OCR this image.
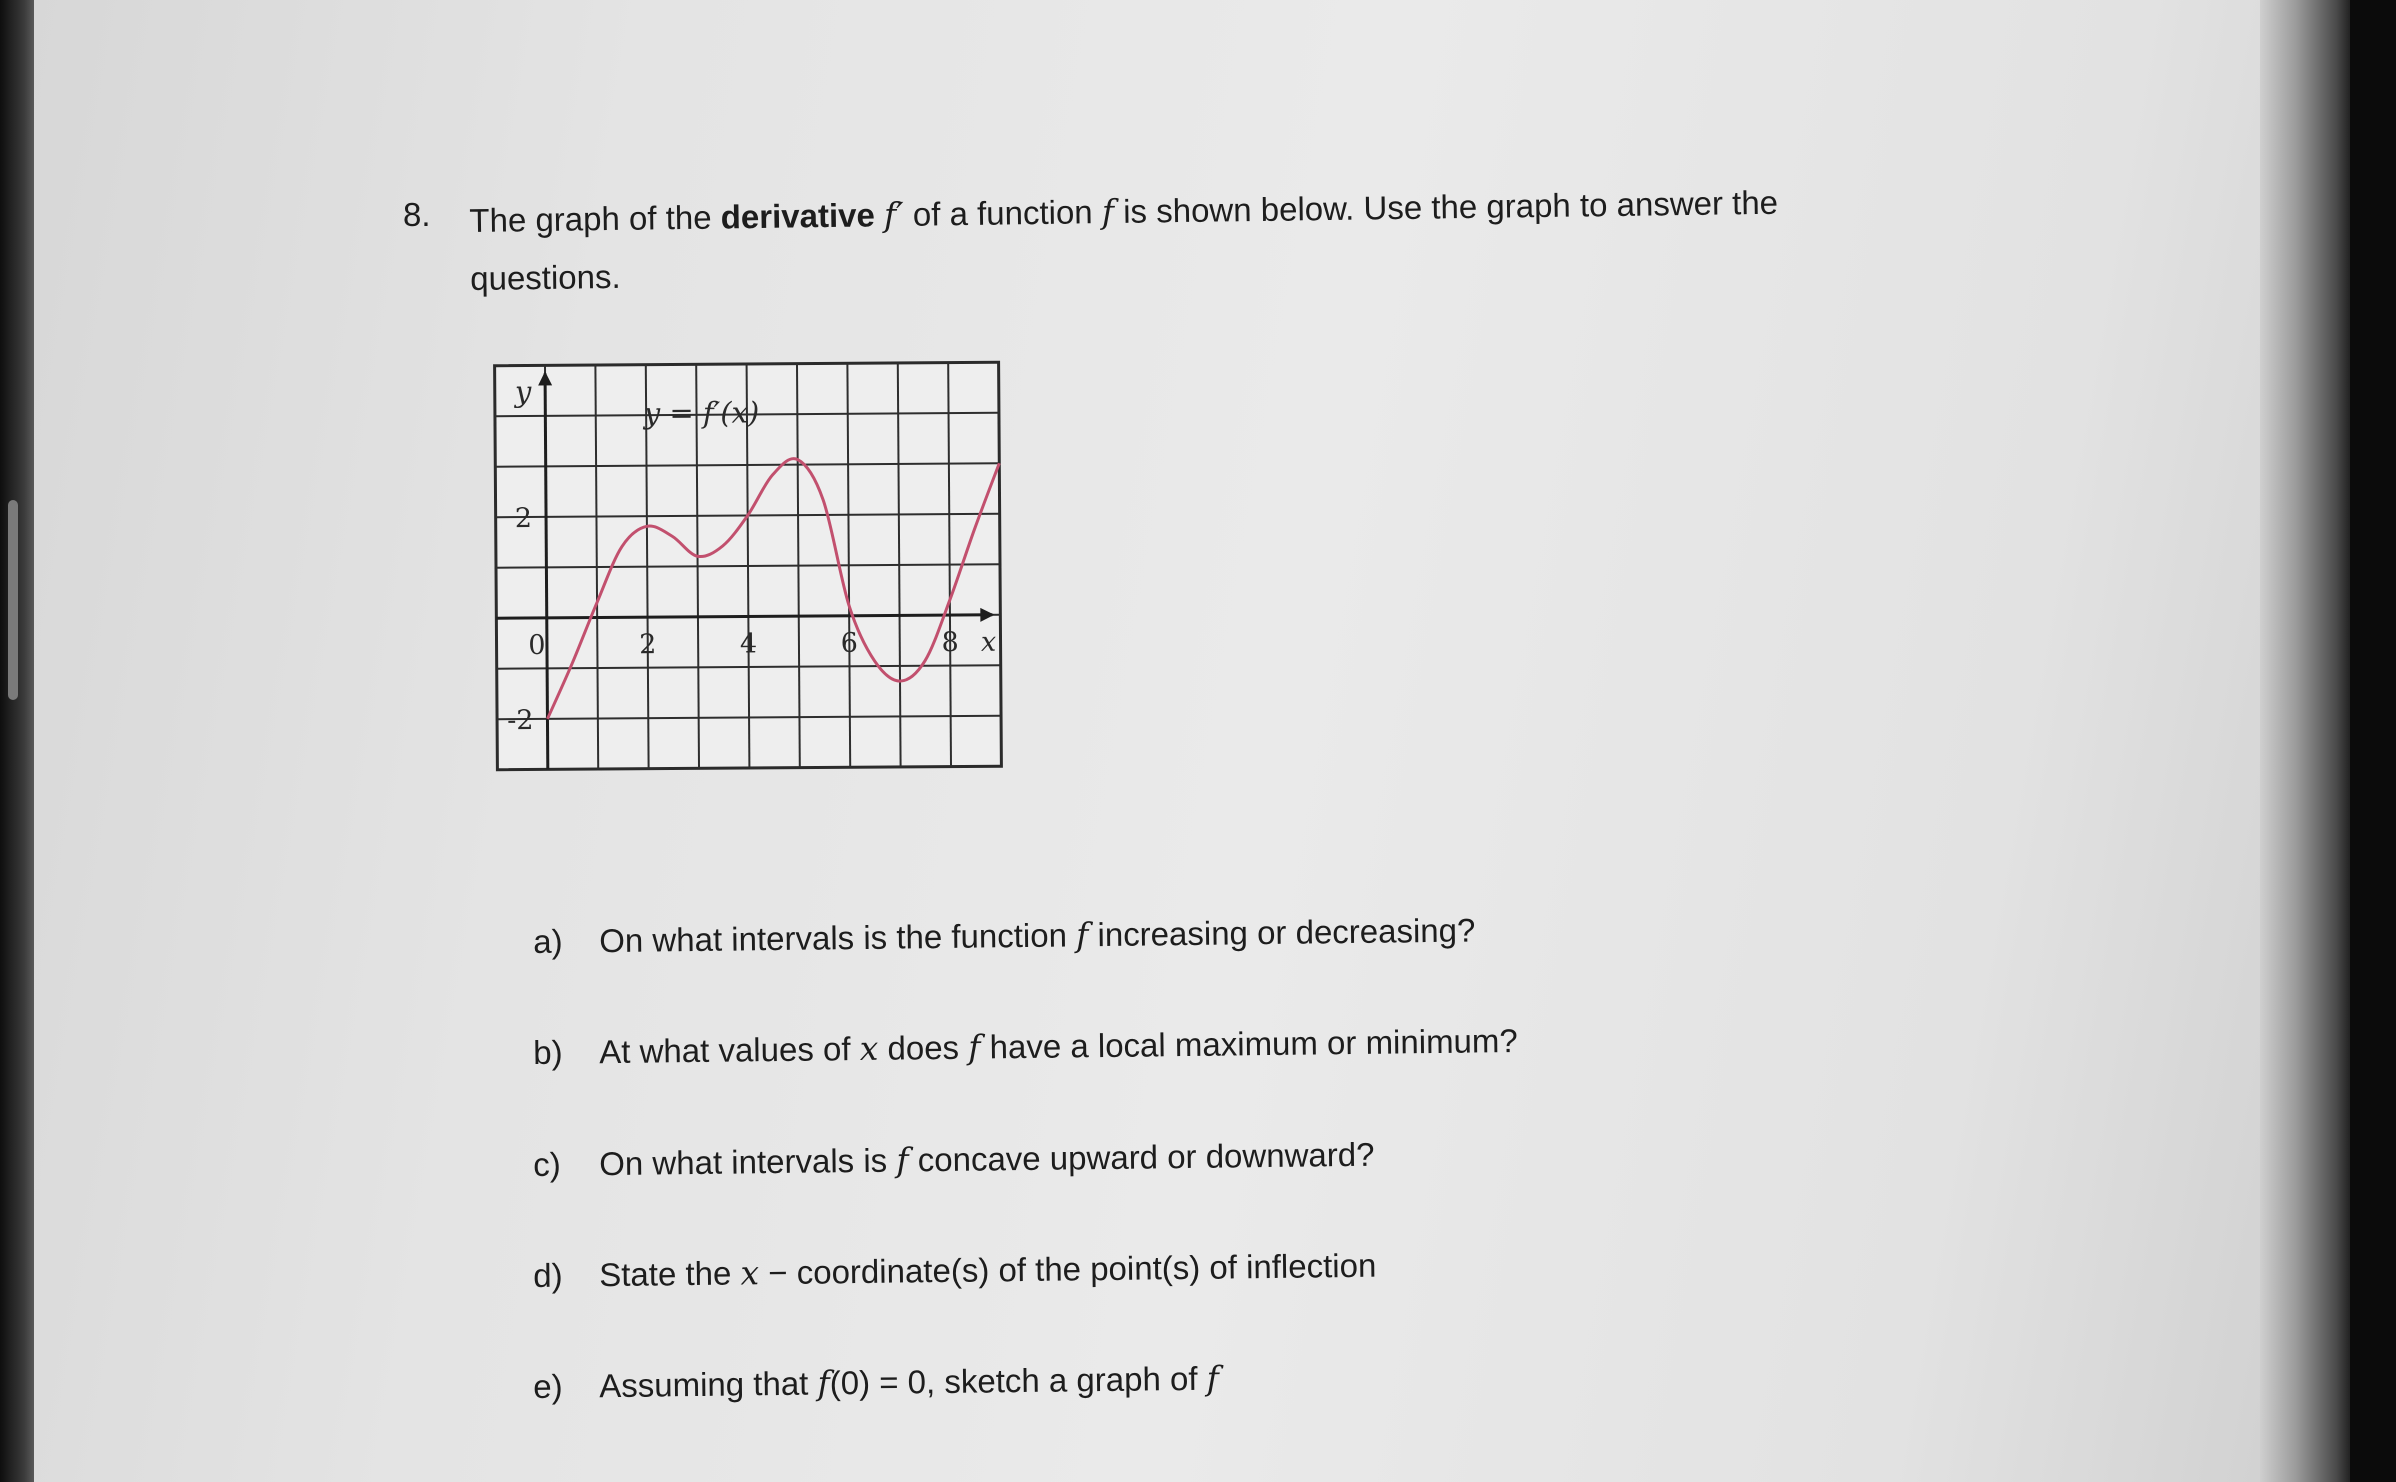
8. The graph of the derivative f′ of a function f is shown below. Use the graph to answer the questions.
0	2	4	6	8
2
-2
x
y
y = f′(x)
a) On what intervals is the function f increasing or decreasing?
b) At what values of x does f have a local maximum or minimum?
c) On what intervals is f concave upward or downward?
d) State the x − coordinate(s) of the point(s) of inflection
e) Assuming that f(0) = 0, sketch a graph of f
